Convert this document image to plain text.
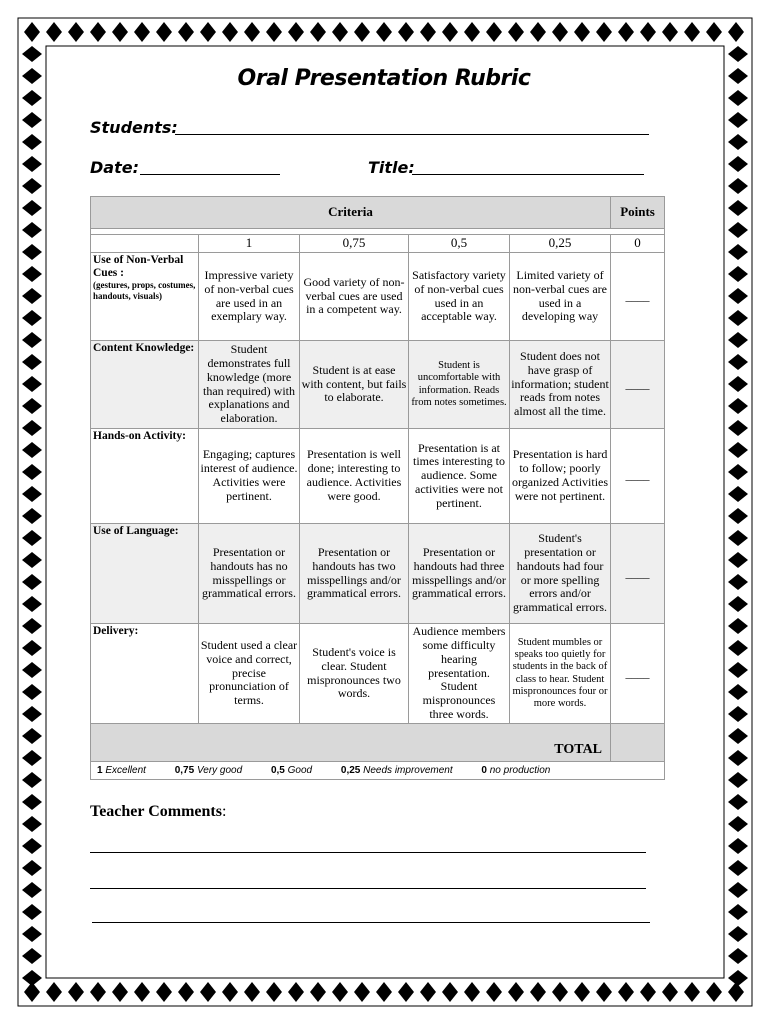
Oral Presentation Rubric
Students:
Date:	Title:
Criteria					Points

	1	0,75	0,5	0,25	0
Use of Non-Verbal Cues :
(gestures, props, costumes, handouts, visuals)	Impressive variety of non-verbal cues are used in an exemplary way.	Good variety of non-verbal cues are used in a competent way.	Satisfactory variety of non-verbal cues used in an acceptable way.	Limited variety of non-verbal cues are used in a developing way	____
Content Knowledge:	Student demonstrates full knowledge (more than required) with explanations and elaboration.	Student is at ease with content, but fails to elaborate.	Student is uncomfortable with information. Reads from notes sometimes.	Student does not have grasp of information; student reads from notes almost all the time.	____
Hands-on Activity:	Engaging; captures interest of audience. Activities were pertinent.	Presentation is well done; interesting to audience. Activities were good.	Presentation is at times interesting to audience. Some activities were not pertinent.	Presentation is hard to follow; poorly organized Activities were not pertinent.	____
Use of Language:	Presentation or handouts has no misspellings or grammatical errors.	Presentation or handouts has two misspellings and/or grammatical errors.	Presentation or handouts had three misspellings and/or grammatical errors.	Student's presentation or handouts had four or more spelling errors and/or grammatical errors.	____
Delivery:	Student used a clear voice and correct, precise pronunciation of terms.	Student's voice is clear. Student mispronounces two words.	Audience members some difficulty hearing presentation. Student mispronounces three words.	Student mumbles or speaks too quietly for students in the back of class to hear. Student mispronounces four or more words.	____
TOTAL					
1 Excellent 0,75 Very good 0,5 Good 0,25 Needs improvement 0 no production					
Teacher Comments:
